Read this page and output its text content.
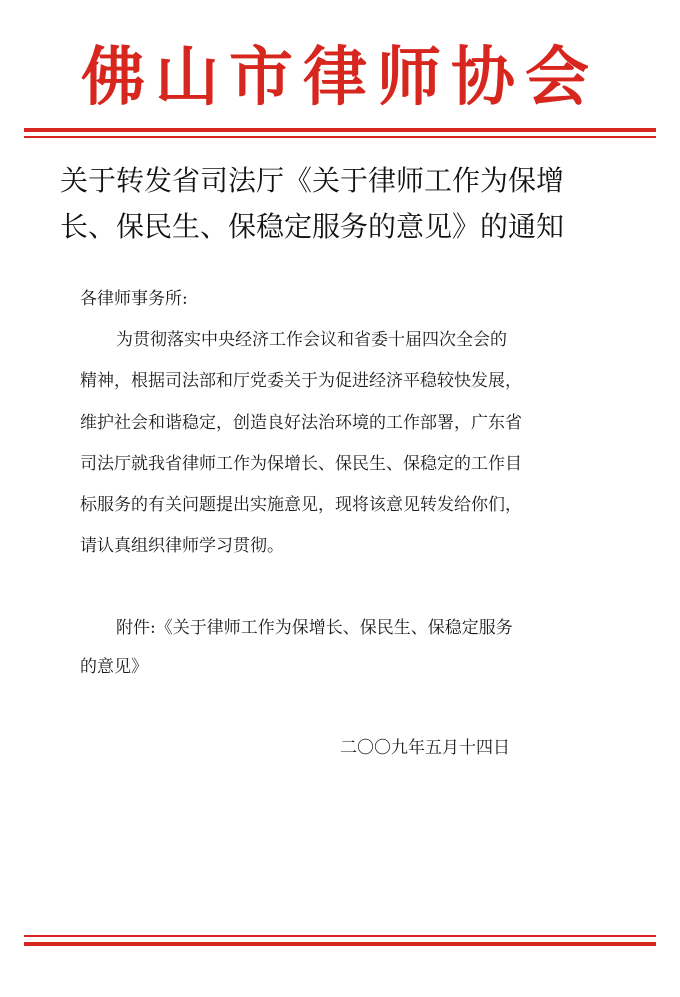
佛山市律师协会
关于转发省司法厅《关于律师工作为保增
长、保民生、保稳定服务的意见》的通知
各律师事务所:
为贯彻落实中央经济工作会议和省委十届四次全会的
精神，根据司法部和厅党委关于为促进经济平稳较快发展，
维护社会和谐稳定，创造良好法治环境的工作部署，广东省
司法厅就我省律师工作为保增长、保民生、保稳定的工作目
标服务的有关问题提出实施意见，现将该意见转发给你们，
请认真组织律师学习贯彻。
附件:《关于律师工作为保增长、保民生、保稳定服务
的意见》
二〇〇九年五月十四日
